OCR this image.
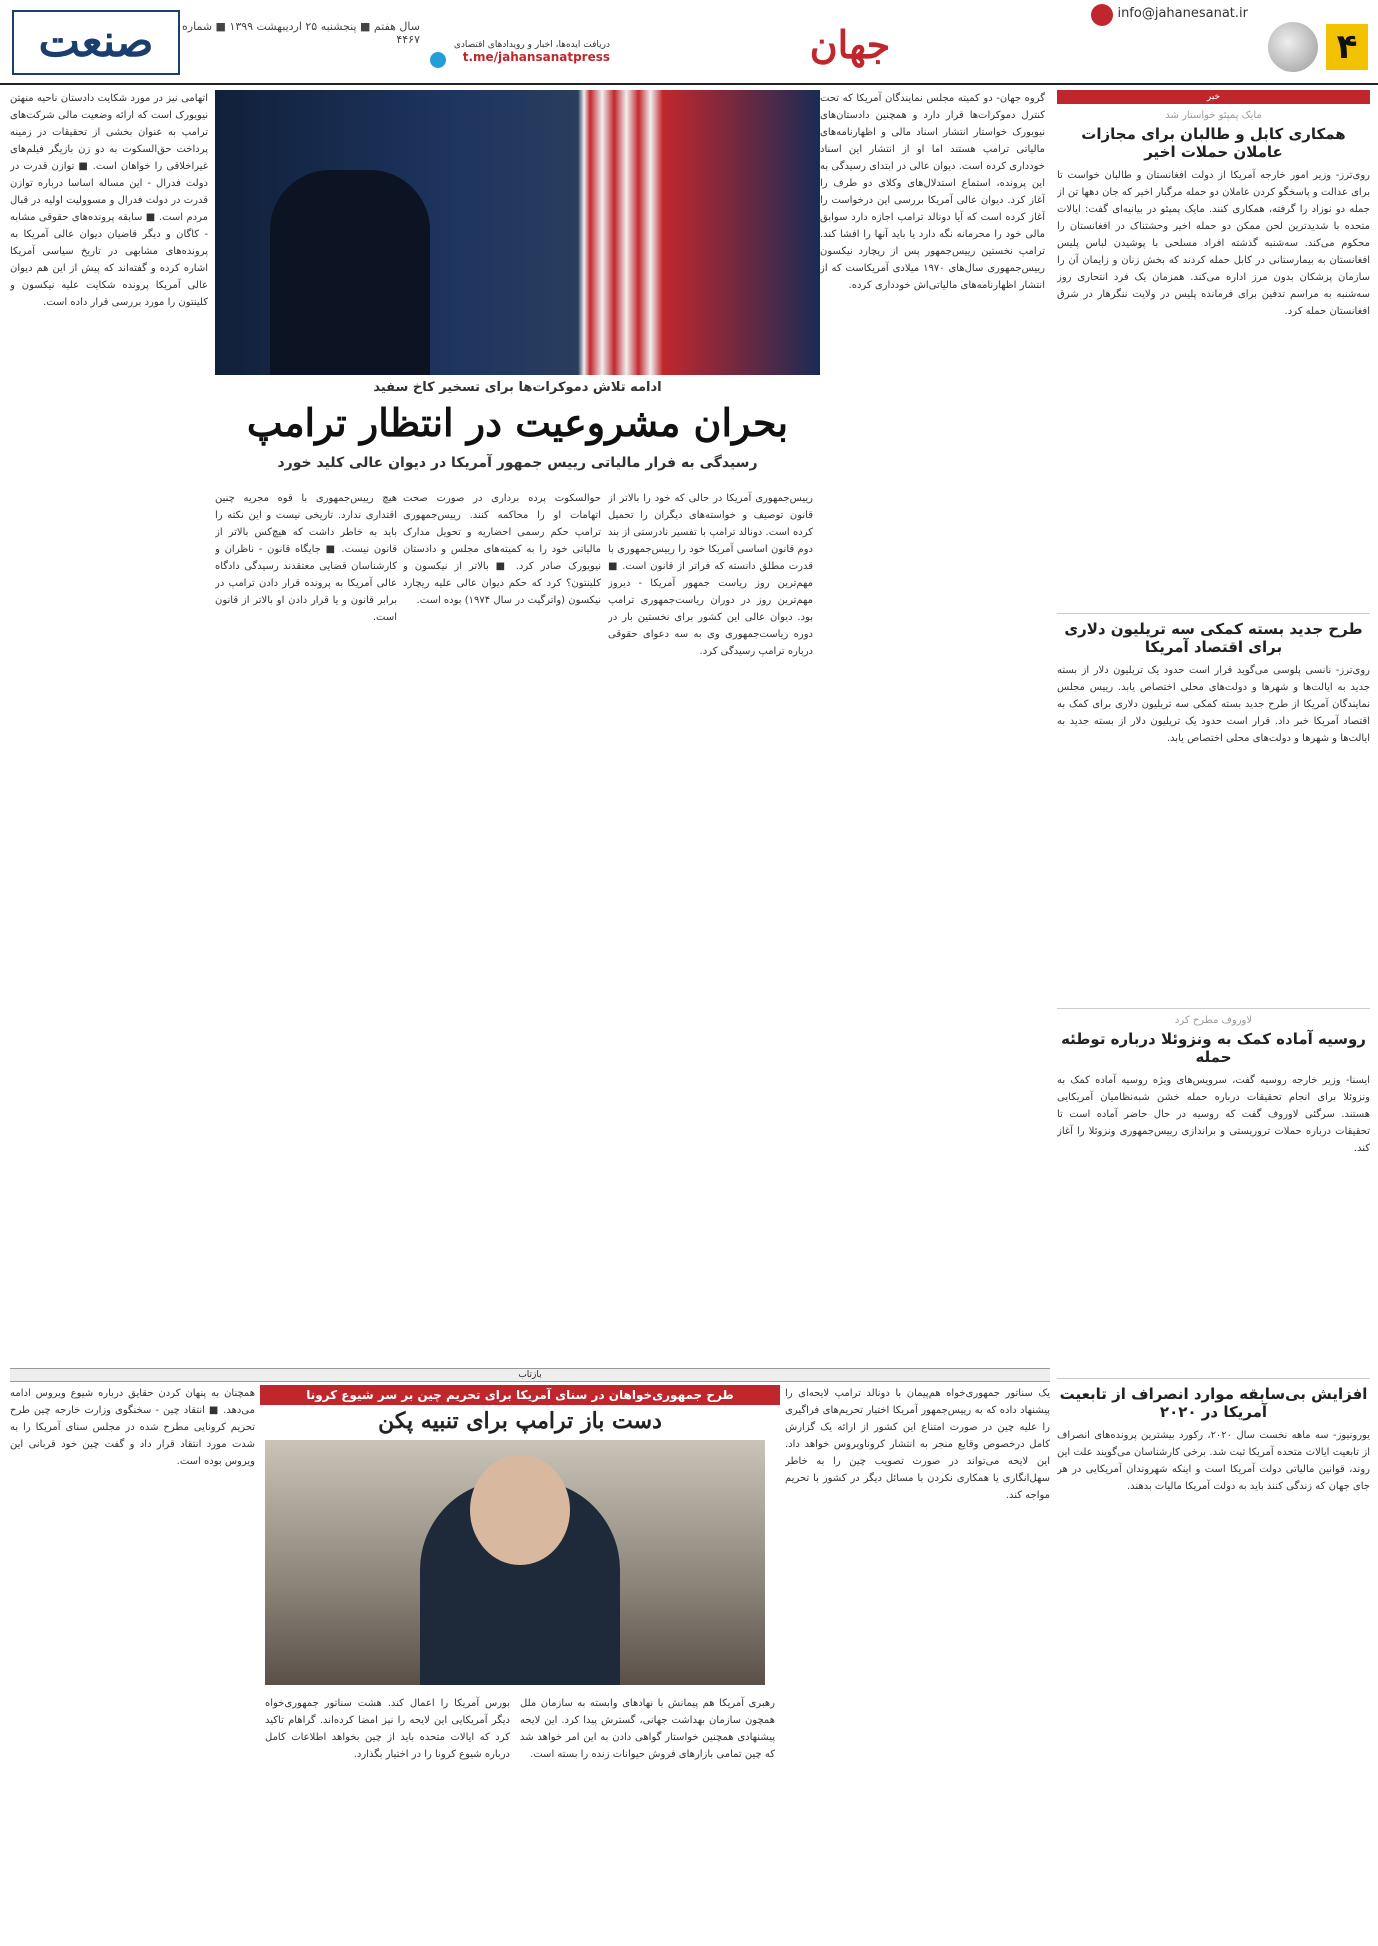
۴
info@jahanesanat.ir
جهان
دریافت ایده‌ها، اخبار و رویدادهای اقتصادی
t.me/jahansanatpress
سال هفتم ■ پنجشنبه ۲۵ اردیبهشت ۱۳۹۹ ■ شماره ۴۴۶۷
صنعت
خبر
مایک پمپئو خواستار شد
همکاری کابل و طالبان برای مجازات عاملان حملات اخیر
روی‌ترز- وزیر امور خارجه آمریکا از دولت افغانستان و طالبان خواست تا برای عدالت و پاسخگو کردن عاملان دو حمله مرگبار اخیر که جان دهها تن از جمله دو نوزاد را گرفته، همکاری کنند. مایک پمپئو در بیانیه‌ای گفت: ایالات متحده با شدیدترین لحن ممکن دو حمله اخیر وحشتناک در افغانستان را محکوم می‌کند. سه‌شنبه گذشته افراد مسلحی با پوشیدن لباس پلیس افغانستان به بیمارستانی در کابل حمله کردند که بخش زنان و زایمان آن را سازمان پزشکان بدون مرز اداره می‌کند. همزمان یک فرد انتحاری روز سه‌شنبه به مراسم تدفین برای فرمانده پلیس در ولایت ننگرهار در شرق افغانستان حمله کرد.
طرح جدید بسته کمکی سه تریلیون دلاری برای اقتصاد آمریکا
روی‌ترز- نانسی پلوسی می‌گوید قرار است حدود یک تریلیون دلار از بسته جدید به ایالت‌ها و شهرها و دولت‌های محلی اختصاص یابد. رییس مجلس نمایندگان آمریکا از طرح جدید بسته کمکی سه تریلیون دلاری برای کمک به اقتصاد آمریکا خبر داد. قرار است حدود یک تریلیون دلار از بسته جدید به ایالت‌ها و شهرها و دولت‌های محلی اختصاص یابد.
لاوروف مطرح کرد
روسیه آماده کمک به ونزوئلا درباره توطئه حمله
ایسنا- وزیر خارجه روسیه گفت، سرویس‌های ویژه روسیه آماده کمک به ونزوئلا برای انجام تحقیقات درباره حمله خشن شبه‌نظامیان آمریکایی هستند. سرگئی لاوروف گفت که روسیه در حال حاضر آماده است تا تحقیقات درباره حملات تروریستی و براندازی رییس‌جمهوری ونزوئلا را آغاز کند.
افزایش بی‌سابقه موارد انصراف از تابعیت آمریکا در ۲۰۲۰
یورونیوز- سه ماهه نخست سال ۲۰۲۰، رکورد بیشترین پرونده‌های انصراف از تابعیت ایالات متحده آمریکا ثبت شد. برخی کارشناسان می‌گویند علت این روند، قوانین مالیاتی دولت آمریکا است و اینکه شهروندان آمریکایی در هر جای جهان که زندگی کنند باید به دولت آمریکا مالیات بدهند.
ادامه تلاش دموکرات‌ها برای تسخیر کاخ سفید
بحران مشروعیت در انتظار ترامپ
رسیدگی به فرار مالیاتی رییس جمهور آمریکا در دیوان عالی کلید خورد
گروه جهان- دو کمیته مجلس نمایندگان آمریکا که تحت کنترل دموکرات‌ها قرار دارد و همچنین دادستان‌های نیویورک خواستار انتشار اسناد مالی و اظهارنامه‌های مالیاتی ترامپ هستند اما او از انتشار این اسناد خودداری کرده است. دیوان عالی در ابتدای رسیدگی به این پرونده، استماع استدلال‌های وکلای دو طرف را آغاز کرد. دیوان عالی آمریکا بررسی این درخواست را آغاز کرده است که آیا دونالد ترامپ اجازه دارد سوابق مالی خود را محرمانه نگه دارد یا باید آنها را افشا کند. ترامپ نخستین رییس‌جمهور پس از ریچارد نیکسون‌ رییس‌جمهوری سال‌های ۱۹۷۰ میلادی آمریکاست که از انتشار اظهارنامه‌های مالیاتی‌اش خودداری کرده.
رییس‌جمهوری آمریکا در حالی که خود را بالاتر از قانون توصیف و خواسته‌های دیگران را تحمیل کرده است. دونالد ترامپ با تفسیر نادرستی از بند دوم قانون اساسی آمریکا خود را رییس‌جمهوری با قدرت مطلق دانسته که فراتر از قانون است. ■ مهم‌ترین روز ریاست جمهور آمریکا - دیروز مهم‌ترین روز در دوران ریاست‌جمهوری ترامپ بود. دیوان عالی این کشور برای نخستین بار در دوره ریاست‌جمهوری وی به سه دعوای حقوقی درباره ترامپ رسیدگی کرد.
حوالسکوت پرده برداری در صورت صحت اتهامات او را محاکمه کنند. رییس‌جمهوری ترامپ حکم رسمی احضاریه و تحویل مدارک مالیاتی خود را به کمیته‌های مجلس و دادستان نیویورک صادر کرد. ■ بالاتر از نیکسون و کلینتون؟ کرد که حکم دیوان عالی علیه ریچارد نیکسون (واترگیت در سال ۱۹۷۴) بوده است.
هیچ رییس‌جمهوری با قوه مجریه چنین اقتداری ندارد. تاریخی نیست و این نکته را باید به خاطر داشت که هیچ‌کس بالاتر از قانون نیست. ■ جایگاه قانون - ناظران و کارشناسان قضایی معتقدند رسیدگی دادگاه عالی آمریکا به پرونده قرار دادن ترامپ در برابر قانون و یا قرار دادن او بالاتر از قانون است.
اتهامی نیز در مورد شکایت دادستان ناحیه منهتن نیویورک است که ارائه وضعیت مالی شرکت‌های ترامپ به عنوان بخشی از تحقیقات در زمینه پرداخت حق‌السکوت به دو زن بازیگر فیلم‌های غیراخلاقی را خواهان است. ■ توازن قدرت در دولت فدرال - این مساله اساسا درباره توازن قدرت در دولت فدرال و مسوولیت اولیه در قبال مردم است. ■ سابقه پرونده‌های حقوقی مشابه - کاگان و دیگر قاضیان دیوان عالی آمریکا به پرونده‌های مشابهی در تاریخ سیاسی آمریکا اشاره کرده و گفته‌اند که پیش از این هم دیوان عالی آمریکا پرونده شکایت علیه نیکسون و کلینتون را مورد بررسی قرار داده است.
بازتاب
طرح جمهوری‌خواهان در سنای آمریکا برای تحریم چین بر سر شیوع کرونا
دست باز ترامپ برای تنبیه پکن
یک سناتور جمهوری‌خواه هم‌پیمان با دونالد ترامپ لایحه‌ای را پیشنهاد داده که به رییس‌جمهور آمریکا اختیار تحریم‌های فراگیری را علیه چین در صورت امتناع این کشور از ارائه یک گزارش کامل درخصوص وقایع منجر به انتشار کروناویروس خواهد داد. این لایحه می‌تواند در صورت تصویب چین را به خاطر سهل‌انگاری یا همکاری نکردن با مسائل دیگر در کشور با تحریم مواجه کند.
رهبری آمریکا هم پیمانش با نهادهای وابسته به سازمان ملل همچون سازمان بهداشت جهانی، گسترش پیدا کرد. این لایحه پیشنهادی همچنین خواستار گواهی دادن به این امر خواهد شد که چین تمامی بازارهای فروش حیوانات زنده را بسته است.
بورس آمریکا را اعمال کند. هشت سناتور جمهوری‌خواه دیگر آمریکایی این لایحه را نیز امضا کرده‌اند. گراهام تاکید کرد که ایالات متحده باید از چین بخواهد اطلاعات کامل درباره شیوع کرونا را در اختیار بگذارد.
همچنان به پنهان کردن حقایق درباره شیوع ویروس ادامه می‌دهد. ■ انتقاد چین - سخنگوی وزارت خارجه چین طرح تحریم کرونایی مطرح شده در مجلس سنای آمریکا را به شدت مورد انتقاد قرار داد و گفت چین خود قربانی این ویروس بوده است.
